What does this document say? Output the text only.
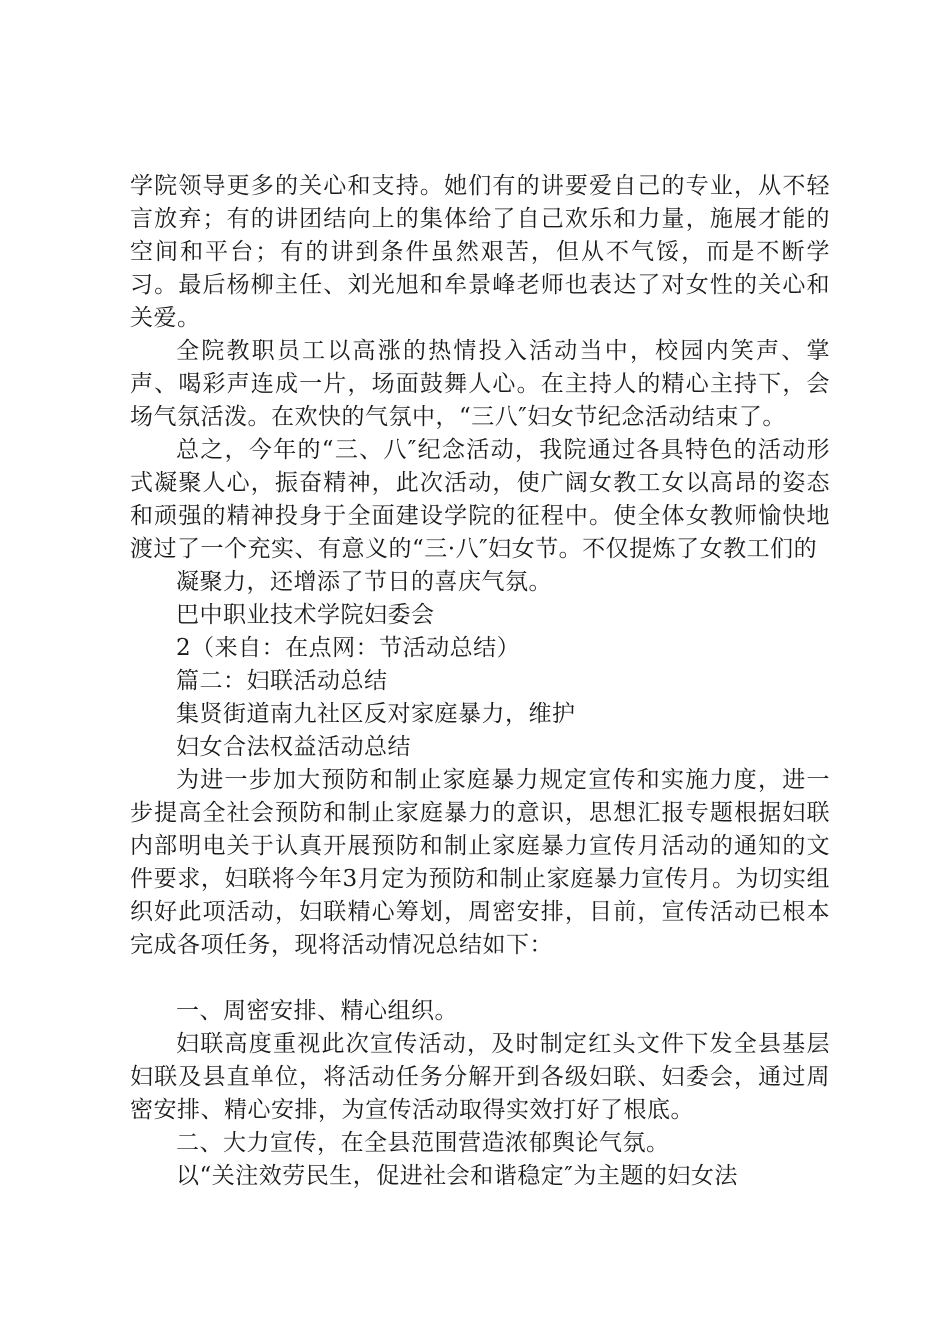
学院领导更多的关心和支持。她们有的讲要爱自己的专业，从不轻言放弃；有的讲团结向上的集体给了自己欢乐和力量，施展才能的空间和平台；有的讲到条件虽然艰苦，但从不气馁，而是不断学习。最后杨柳主任、刘光旭和牟景峰老师也表达了对女性的关心和关爱。

全院教职员工以高涨的热情投入活动当中，校园内笑声、掌声、喝彩声连成一片，场面鼓舞人心。在主持人的精心主持下，会场气氛活泼。在欢快的气氛中，“三八″妇女节纪念活动结束了。

总之，今年的“三、八″纪念活动，我院通过各具特色的活动形式凝聚人心，振奋精神，此次活动，使广阔女教工女以高昂的姿态和顽强的精神投身于全面建设学院的征程中。使全体女教师愉快地渡过了一个充实、有意义的“三·八″妇女节。不仅提炼了女教工们的

凝聚力，还增添了节日的喜庆气氛。

巴中职业技术学院妇委会

2（来自：在点网：节活动总结）

篇二：妇联活动总结

集贤街道南九社区反对家庭暴力，维护

妇女合法权益活动总结

为进一步加大预防和制止家庭暴力规定宣传和实施力度，进一步提高全社会预防和制止家庭暴力的意识，思想汇报专题根据妇联内部明电关于认真开展预防和制止家庭暴力宣传月活动的通知的文件要求，妇联将今年3月定为预防和制止家庭暴力宣传月。为切实组织好此项活动，妇联精心筹划，周密安排，目前，宣传活动已根本完成各项任务，现将活动情况总结如下：

一、周密安排、精心组织。

妇联高度重视此次宣传活动，及时制定红头文件下发全县基层妇联及县直单位，将活动任务分解开到各级妇联、妇委会，通过周密安排、精心安排，为宣传活动取得实效打好了根底。

二、大力宣传，在全县范围营造浓郁舆论气氛。

以“关注效劳民生，促进社会和谐稳定″为主题的妇女法
